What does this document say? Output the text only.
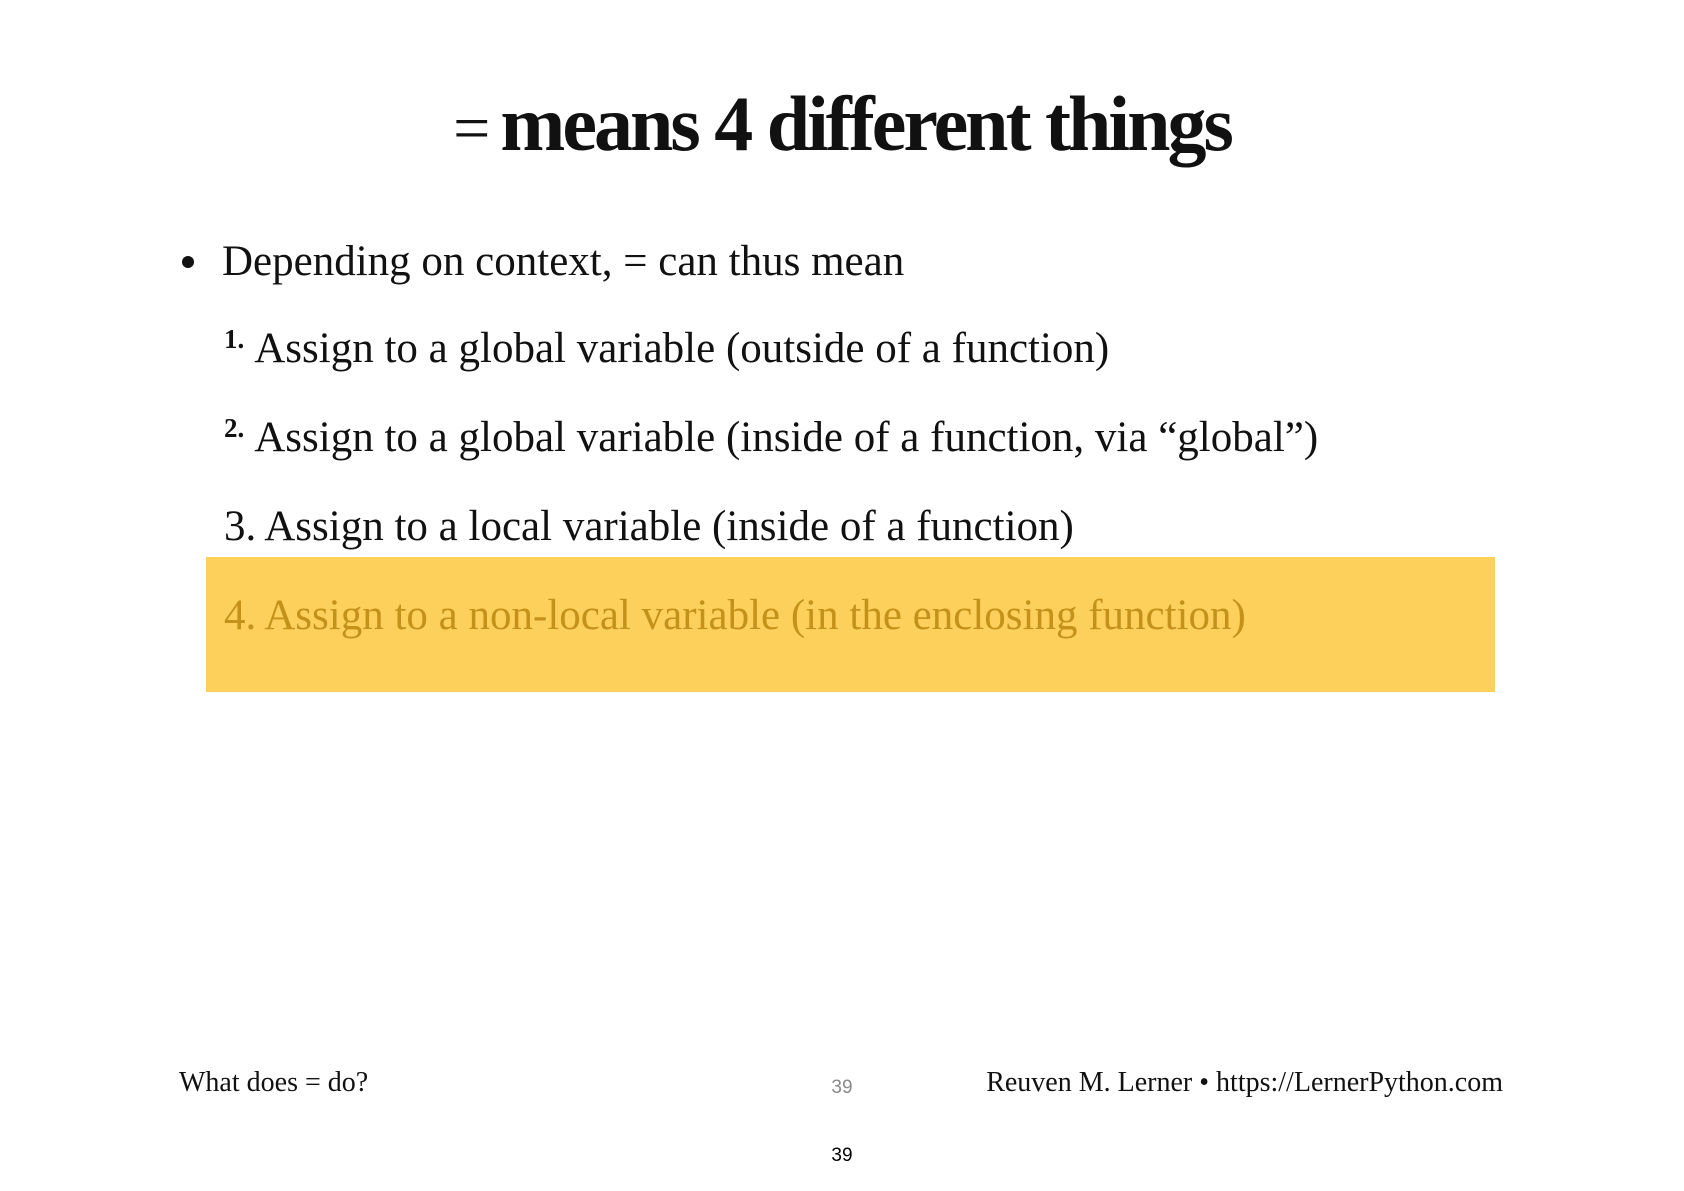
= means 4 different things
Depending on context, = can thus mean
$^{1.}$ Assign to a global variable (outside of a function)
$^{2.}$ Assign to a global variable (inside of a function, via “global”)
3. Assign to a local variable (inside of a function)
4. Assign to a non-local variable (in the enclosing function)
What does = do?	39	Reuven M. Lerner • https://LernerPython.com
39
